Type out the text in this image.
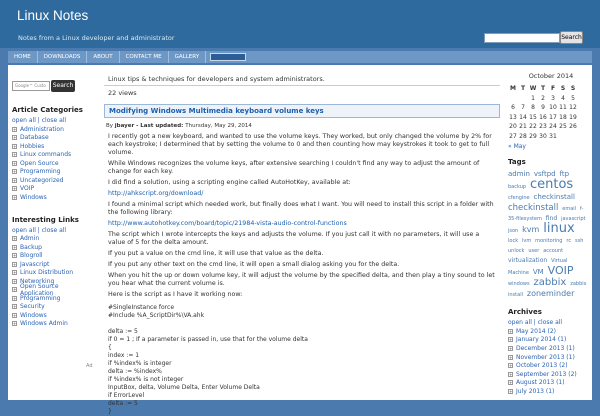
Linux Notes
Notes from a Linux developer and administrator	Search
HOME	DOWNLOADS	ABOUT	CONTACT ME	GALLERY
Google™ Custo	Search
Article Categories
open all | close all
+ Administration
+ Database
+ Hobbies
+ Linux commands
+ Open Source
+ Programming
+ Uncategorized
+ VOIP
+ Windows
Interesting Links
open all | close all
+ Admin
+ Backup
+ Blogroll
+ Javascript
+ Linux Distribution
+ Networking
+ Open Source Application
+ Programming
+ Security
+ Windows
+ Windows Admin
Ad
Linux tips & techniques for developers and system administrators.
22 views
Modifying Windows Multimedia keyboard volume keys
By jbayer - Last updated: Thursday, May 29, 2014

I recently got a new keyboard, and wanted to use the volume keys. They worked, but only changed the volume by 2% for each keystroke; I determined that by setting the volume to 0 and then counting how may keystrokes it took to get to full volume.

While Windows recognizes the volume keys, after extensive searching I couldn't find any way to adjust the amount of change for each key.

I did find a solution, using a scripting engine called AutoHotKey, available at:

http://ahkscript.org/download/

I found a minimal script which needed work, but finally does what I want. You will need to install this script in a folder with the following library:

http://www.autohotkey.com/board/topic/21984-vista-audio-control-functions

The script which I wrote intercepts the keys and adjusts the volume. If you just call it with no parameters, it will use a value of 5 for the delta amount.

If you put a value on the cmd line, it will use that value as the delta.

If you put any other text on the cmd line, it will open a small dialog asking you for the delta.

When you hit the up or down volume key, it will adjust the volume by the specified delta, and then play a tiny sound to let you hear what the current volume is.

Here is the script as I have it working now:

#SingleInstance force
#Include %A_ScriptDir%\VA.ahk
delta := 5
if 0 = 1 ; If a parameter is passed in, use that for the volume delta
{
index := 1
if %index% is integer
delta := %index%
if %index% is not integer
InputBox, delta, Volume Delta, Enter Volume Delta
if ErrorLevel
delta := 5
}
October 2014
M	T	W	T	F	S	S
		1	2	3	4	5
6	7	8	9	10	11	12
13	14	15	16	17	18	19
20	21	22	23	24	25	26
27	28	29	30	31		
« May
Tags
admin vsftpd ftp backup centos cfengine checkinstall checkinstall email f-35-filesystem find javascript json kvm linux lock lvm monitoring rc ssh unlock user account virtualization Virtual Machine VM VOIP windows zabbix zabbix install zoneminder
Archives
open all | close all
+ May 2014 (2)
+ January 2014 (1)
+ December 2013 (1)
+ November 2013 (1)
+ October 2013 (2)
+ September 2013 (2)
+ August 2013 (1)
+ July 2013 (1)
